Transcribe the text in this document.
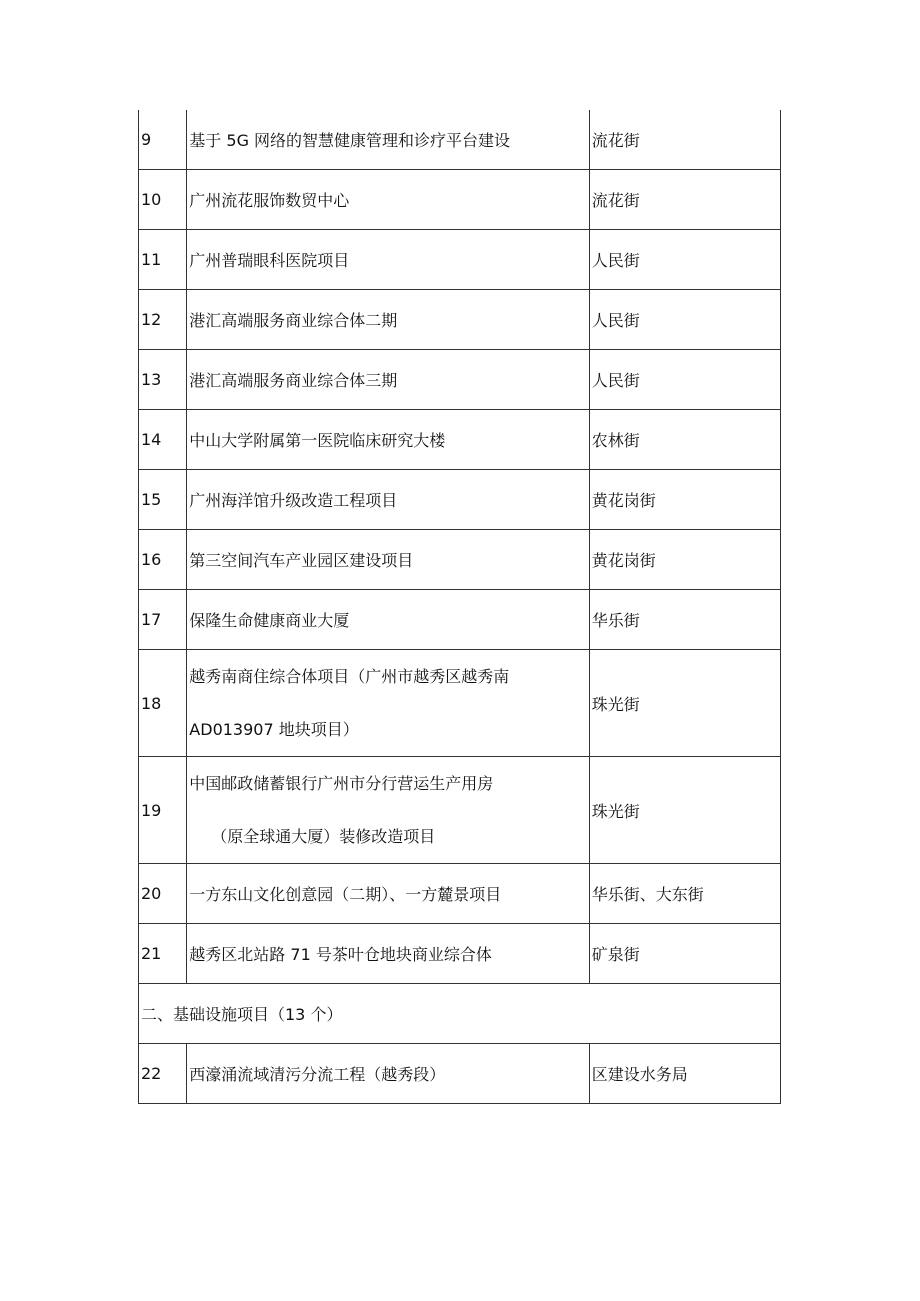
9	基于 5G 网络的智慧健康管理和诊疗平台建设	流花街
10	广州流花服饰数贸中心	流花街
11	广州普瑞眼科医院项目	人民街
12	港汇高端服务商业综合体二期	人民街
13	港汇高端服务商业综合体三期	人民街
14	中山大学附属第一医院临床研究大楼	农林街
15	广州海洋馆升级改造工程项目	黄花岗街
16	第三空间汽车产业园区建设项目	黄花岗街
17	保隆生命健康商业大厦	华乐街
18	越秀南商住综合体项目（广州市越秀区越秀南
AD013907 地块项目）	珠光街
19	中国邮政储蓄银行广州市分行营运生产用房
（原全球通大厦）装修改造项目	珠光街
20	一方东山文化创意园（二期）、一方麓景项目	华乐街、大东街
21	越秀区北站路 71 号茶叶仓地块商业综合体	矿泉街
二、基础设施项目（13 个）		
22	西濠涌流域清污分流工程（越秀段）	区建设水务局
